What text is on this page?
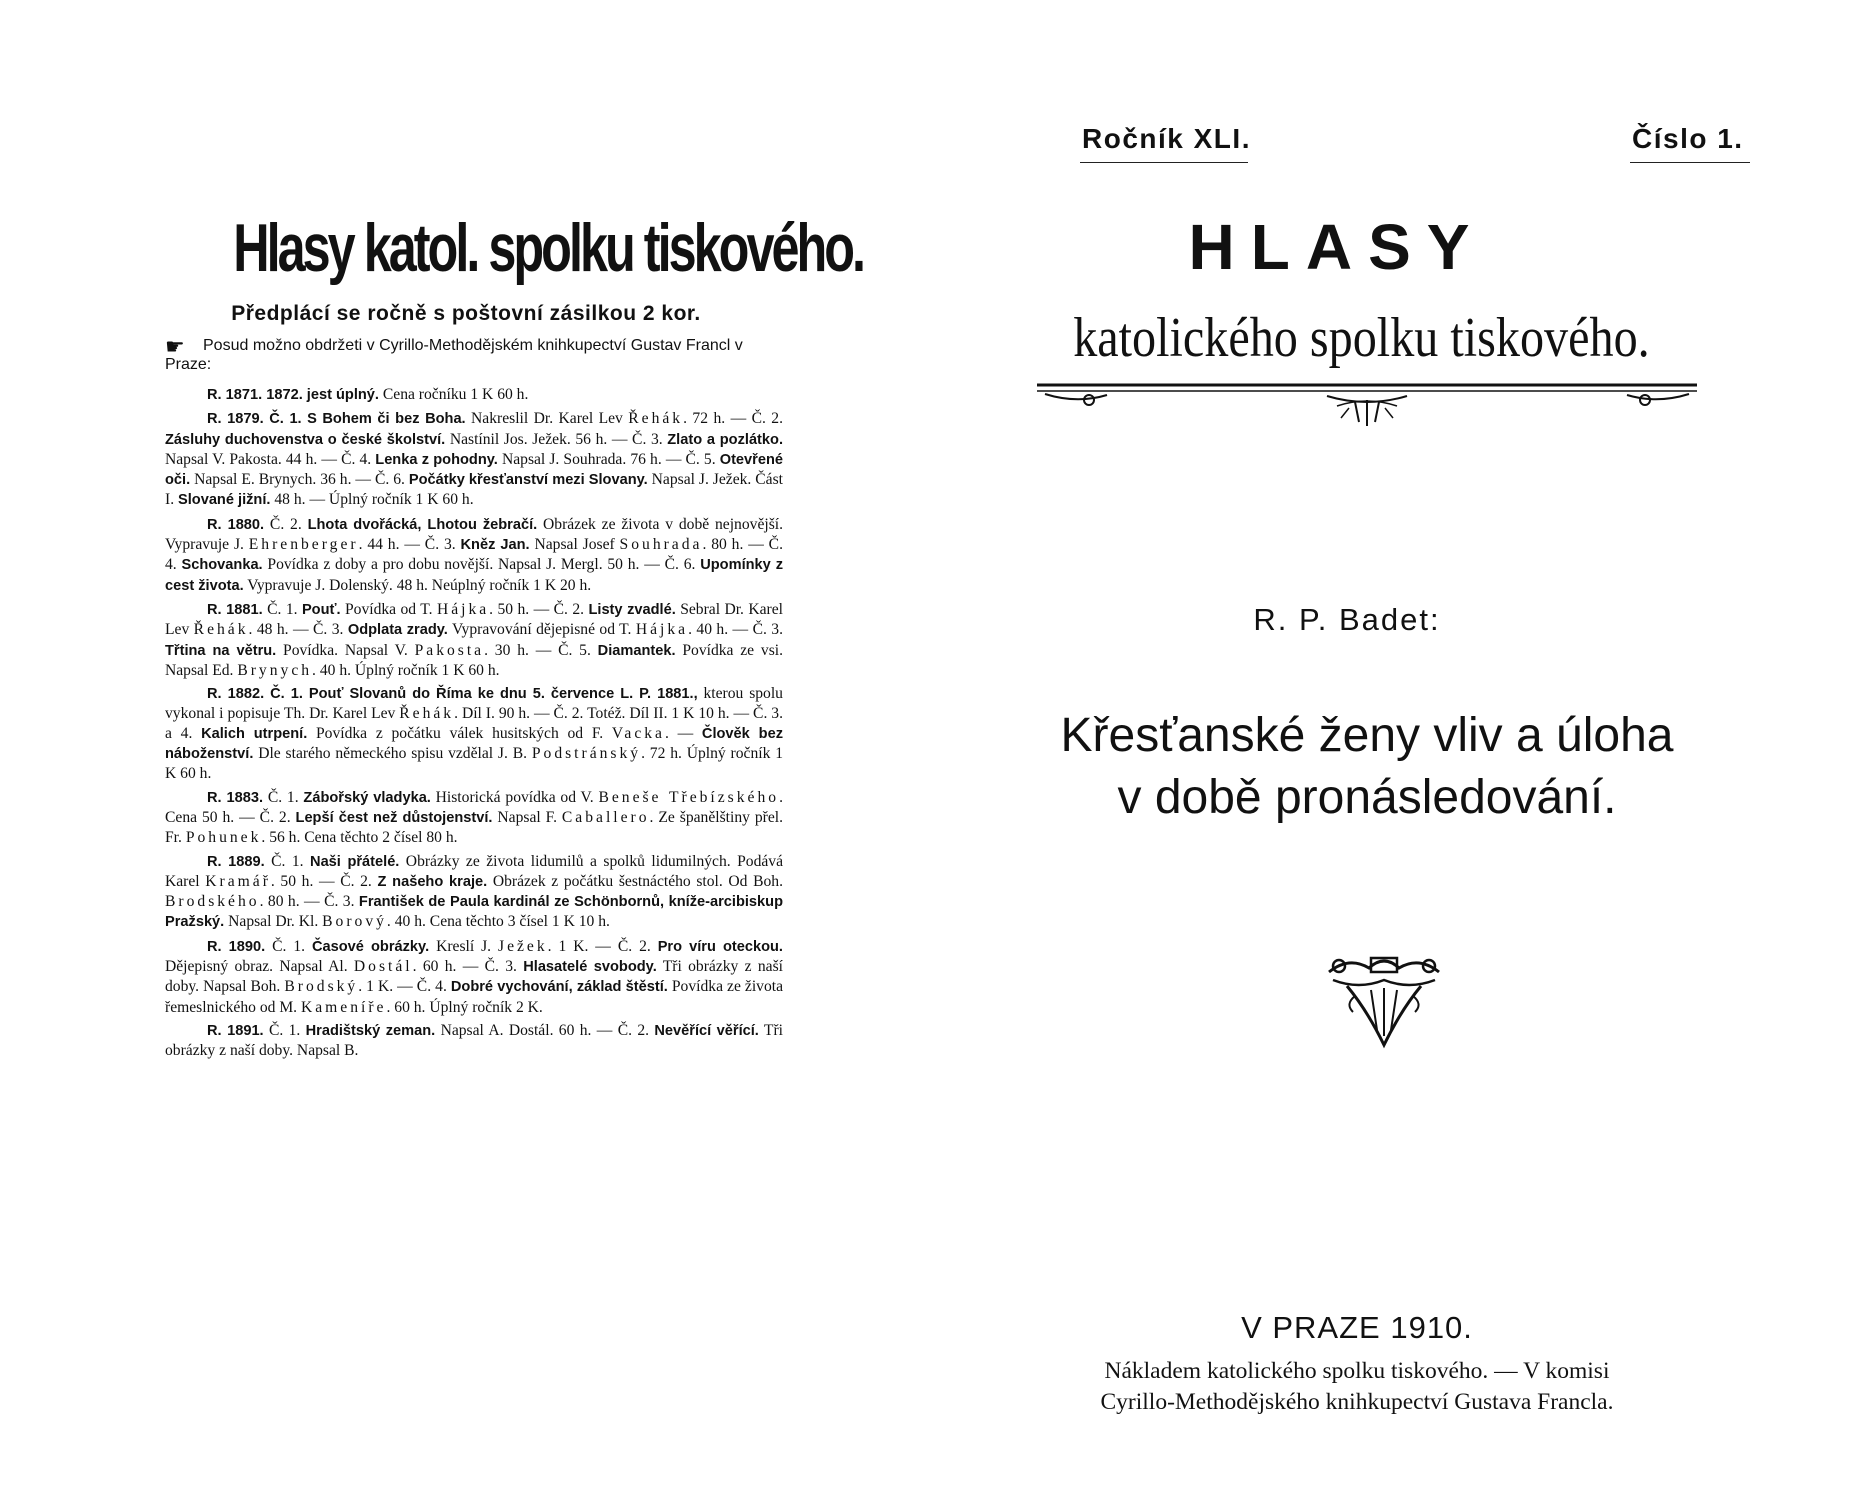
Hlasy katol. spolku tiskového.
Předplácí se ročně s poštovní zásilkou 2 kor.
☛	Posud možno obdržeti v Cyrillo-Methodějském knihkupectví Gustav Francl v Praze:

R. 1871. 1872. jest úplný. Cena ročníku 1 K 60 h.

R. 1879. Č. 1. S Bohem či bez Boha. Nakreslil Dr. Karel Lev Řehák. 72 h. — Č. 2. Zásluhy duchovenstva o české školství. Nastínil Jos. Ježek. 56 h. — Č. 3. Zlato a pozlátko. Napsal V. Pakosta. 44 h. — Č. 4. Lenka z pohodny. Napsal J. Souhrada. 76 h. — Č. 5. Otevřené oči. Napsal E. Brynych. 36 h. — Č. 6. Počátky křesťanství mezi Slovany. Napsal J. Ježek. Část I. Slované jižní. 48 h. — Úplný ročník 1 K 60 h.

R. 1880. Č. 2. Lhota dvořácká, Lhotou žebračí. Obrázek ze života v době nejnovější. Vypravuje J. Ehrenberger. 44 h. — Č. 3. Kněz Jan. Napsal Josef Souhrada. 80 h. — Č. 4. Schovanka. Povídka z doby a pro dobu novější. Napsal J. Mergl. 50 h. — Č. 6. Upomínky z cest života. Vypravuje J. Dolenský. 48 h. Neúplný ročník 1 K 20 h.

R. 1881. Č. 1. Pouť. Povídka od T. Hájka. 50 h. — Č. 2. Listy zvadlé. Sebral Dr. Karel Lev Řehák. 48 h. — Č. 3. Odplata zrady. Vypravování dějepisné od T. Hájka. 40 h. — Č. 3. Třtina na větru. Povídka. Napsal V. Pakosta. 30 h. — Č. 5. Diamantek. Povídka ze vsi. Napsal Ed. Brynych. 40 h. Úplný ročník 1 K 60 h.

R. 1882. Č. 1. Pouť Slovanů do Říma ke dnu 5. července L. P. 1881., kterou spolu vykonal i popisuje Th. Dr. Karel Lev Řehák. Díl I. 90 h. — Č. 2. Totéž. Díl II. 1 K 10 h. — Č. 3. a 4. Kalich utrpení. Povídka z počátku válek husitských od F. Vacka. — Člověk bez náboženství. Dle starého německého spisu vzdělal J. B. Podstránský. 72 h. Úplný ročník 1 K 60 h.

R. 1883. Č. 1. Zábořský vladyka. Historická povídka od V. Beneše Třebízského. Cena 50 h. — Č. 2. Lepší čest než důstojenství. Napsal F. Caballero. Ze španělštiny přel. Fr. Pohunek. 56 h. Cena těchto 2 čísel 80 h.

R. 1889. Č. 1. Naši přátelé. Obrázky ze života lidumilů a spolků lidumilných. Podává Karel Kramář. 50 h. — Č. 2. Z našeho kraje. Obrázek z počátku šestnáctého stol. Od Boh. Brodského. 80 h. — Č. 3. František de Paula kardinál ze Schönbornů, kníže-arcibiskup Pražský. Napsal Dr. Kl. Borový. 40 h. Cena těchto 3 čísel 1 K 10 h.

R. 1890. Č. 1. Časové obrázky. Kreslí J. Ježek. 1 K. — Č. 2. Pro víru oteckou. Dějepisný obraz. Napsal Al. Dostál. 60 h. — Č. 3. Hlasatelé svobody. Tři obrázky z naší doby. Napsal Boh. Brodský. 1 K. — Č. 4. Dobré vychování, základ štěstí. Povídka ze života řemeslnického od M. Kameníře. 60 h. Úplný ročník 2 K.

R. 1891. Č. 1. Hradištský zeman. Napsal A. Dostál. 60 h. — Č. 2. Nevěřící věřící. Tři obrázky z naší doby. Napsal B.

Ročník XLI.	Číslo 1.
HLASY
katolického spolku tiskového.
R. P. Badet:
Křesťanské ženy vliv a úloha
v době pronásledování.
V PRAZE 1910.
Nákladem katolického spolku tiskového. — V komisi
Cyrillo-Methodějského knihkupectví Gustava Francla.
